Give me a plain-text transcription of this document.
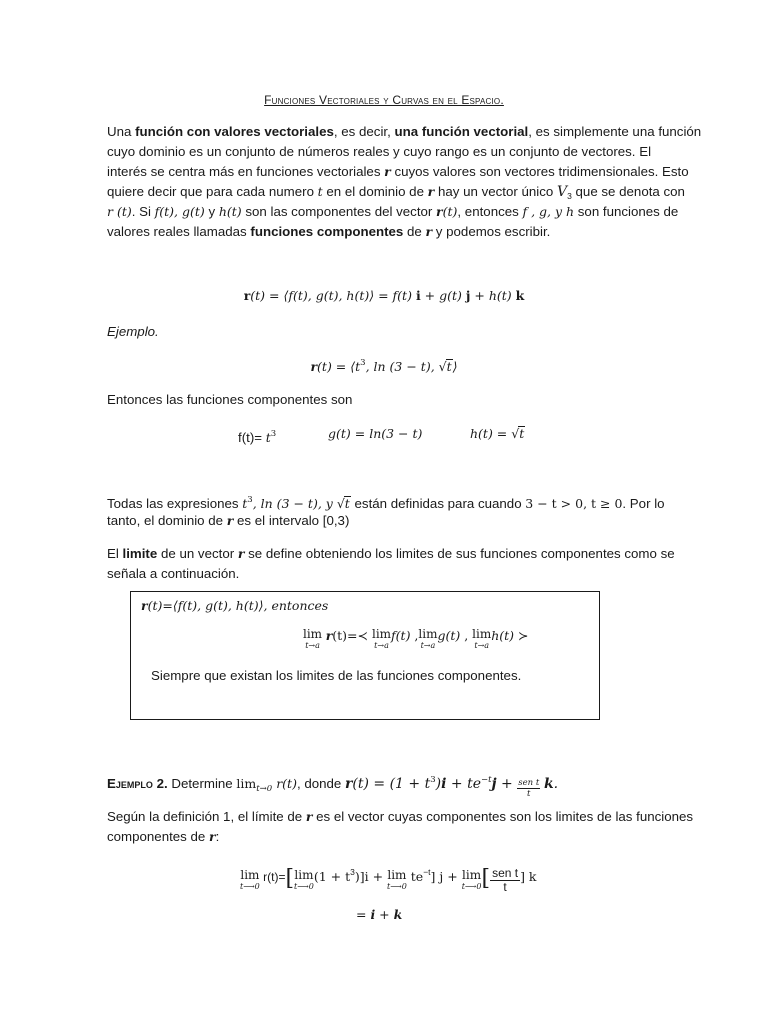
Funciones Vectoriales y Curvas en el Espacio.
Una función con valores vectoriales, es decir, una función vectorial, es simplemente una función
cuyo dominio es un conjunto de números reales y cuyo rango es un conjunto de vectores. El
interés se centra más en funciones vectoriales r cuyos valores son vectores tridimensionales. Esto
quiere decir que para cada numero t en el dominio de r hay un vector único $V_3$ que se denota con
r (t). Si f(t), g(t) y h(t) son las componentes del vector r(t), entonces f , g, y h son funciones de
valores reales llamadas funciones componentes de r y podemos escribir.
r(t) = ⟨f(t), g(t), h(t)⟩ = f(t) i + g(t) j + h(t) k
Ejemplo.
$r(t) = ⟨t^3$, ln (3 − t), √t⟩
Entonces las funciones componentes son
$f(t)= t^3$	g(t) = ln(3 − t)	h(t) = √t
Todas las expresiones $t^3$, ln (3 − t), y √t están definidas para cuando 3 − t > 0, t ≥ 0. Por lo
tanto, el dominio de r es el intervalo [0,3)
El limite de un vector r se define obteniendo los limites de sus funciones componentes como se
señala a continuación.
r(t)=⟨f(t), g(t), h(t)⟩, entonces
lim
t→a
r(t)=≺ lim
t→a
f(t) , lim
t→a
g(t) , lim
t→a
h(t) ≻
Siempre que existan los limites de las funciones componentes.
Ejemplo 2. Determine $\lim_{t\to 0} r(t)$, donde $r(t) = (1 + t^3)i + te^{-t}j + \frac{\text{sen t}}{t} k$.
Según la definición 1, el límite de r es el vector cuyas componentes son los limites de las funciones
componentes de r:
lim
t⟶0
r(t)=[ lim
t⟶0
$(1 + t^3)]i + \lim$
t⟶0
$te^{-t}$] j + lim
t⟶0 [ $\frac{\text{sen t}}{t}$ ] k
= i + k
